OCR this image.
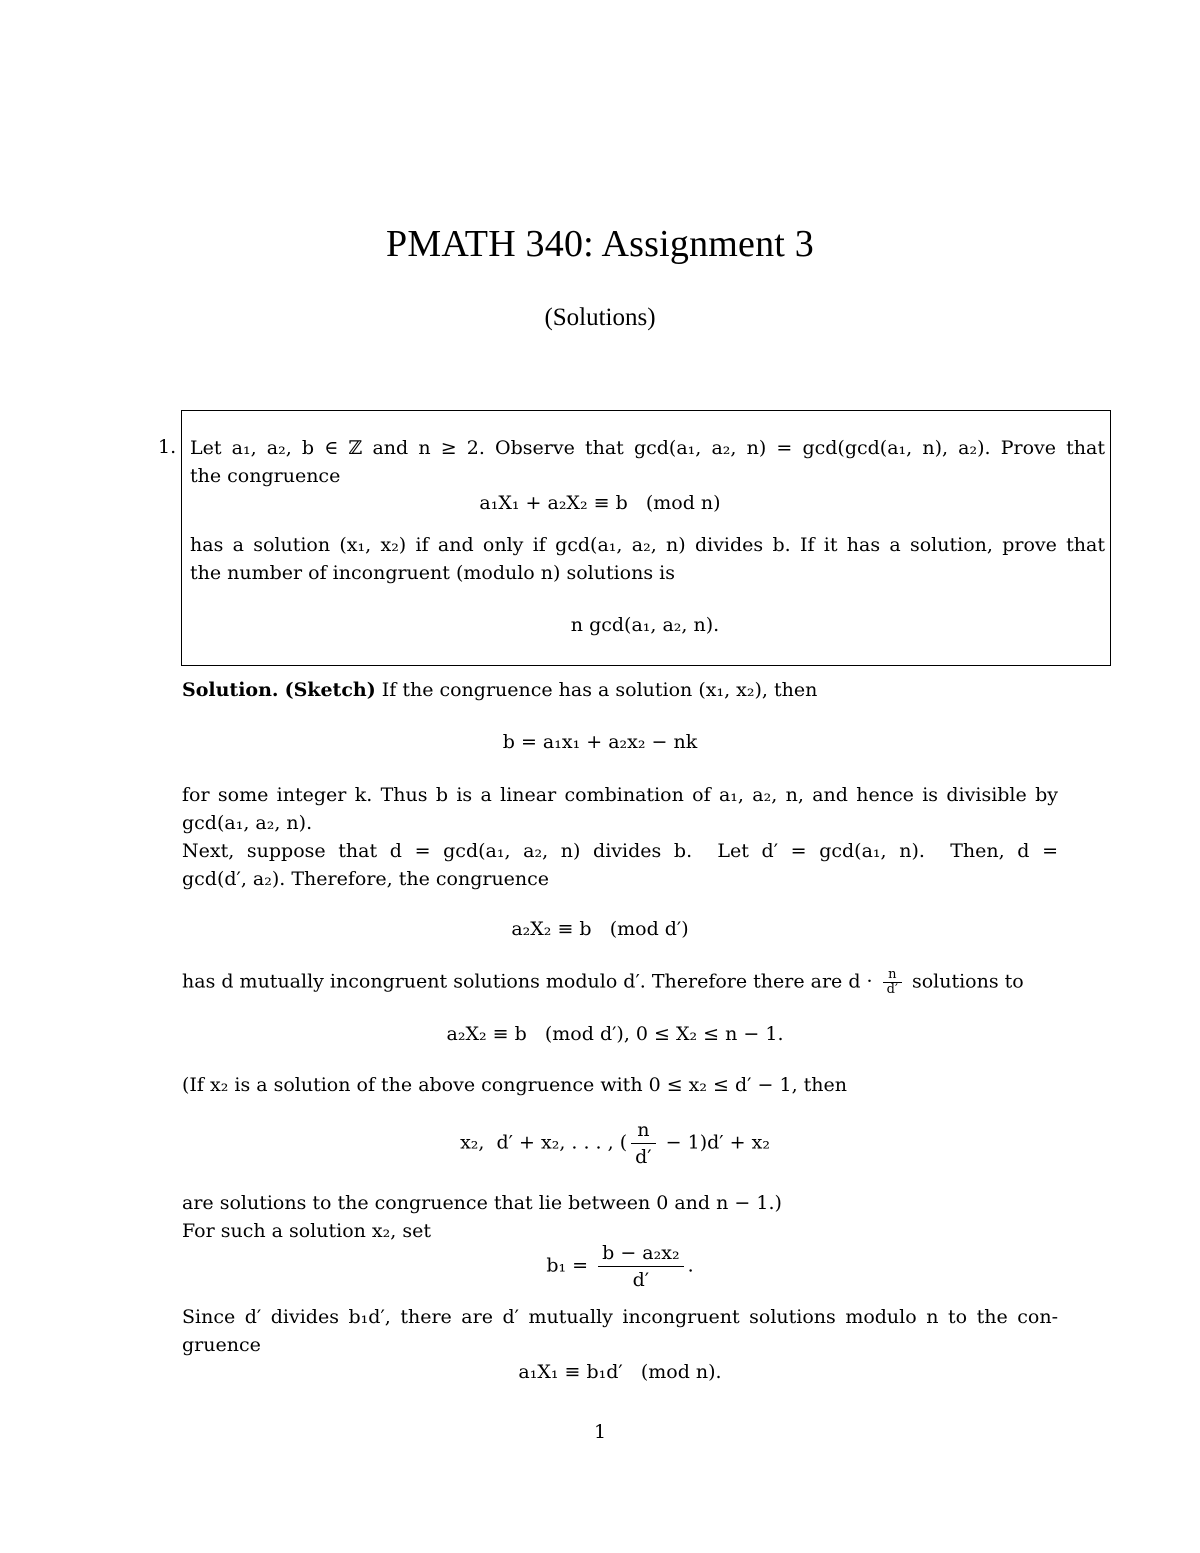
PMATH 340: Assignment 3
(Solutions)
1. Let a₁, a₂, b ∈ ℤ and n ≥ 2. Observe that gcd(a₁, a₂, n) = gcd(gcd(a₁, n), a₂). Prove that
the congruence
a₁X₁ + a₂X₂ ≡ b   (mod n)
has a solution (x₁, x₂) if and only if gcd(a₁, a₂, n) divides b. If it has a solution, prove that
the number of incongruent (modulo n) solutions is
n gcd(a₁, a₂, n).
Solution. (Sketch) If the congruence has a solution (x₁, x₂), then
b = a₁x₁ + a₂x₂ − nk
for some integer k. Thus b is a linear combination of a₁, a₂, n, and hence is divisible by
gcd(a₁, a₂, n).
Next, suppose that d = gcd(a₁, a₂, n) divides b.  Let d′ = gcd(a₁, n).  Then, d =
gcd(d′, a₂). Therefore, the congruence
a₂X₂ ≡ b   (mod d′)
has d mutually incongruent solutions modulo d′. Therefore there are $d \cdot \frac{n}{d'}$ solutions to
a₂X₂ ≡ b   (mod d′), 0 ≤ X₂ ≤ n − 1.
(If x₂ is a solution of the above congruence with 0 ≤ x₂ ≤ d′ − 1, then
x₂,  d′ + x₂, . . . , ( $\frac{n}{d'} - 1)d' + x_2$
are solutions to the congruence that lie between 0 and n − 1.)
For such a solution x₂, set
$b_1 = \frac{\text{b − a₂x₂}}{d'}$ .
Since d′ divides b₁d′, there are d′ mutually incongruent solutions modulo n to the con-
gruence
a₁X₁ ≡ b₁d′   (mod n).
1
